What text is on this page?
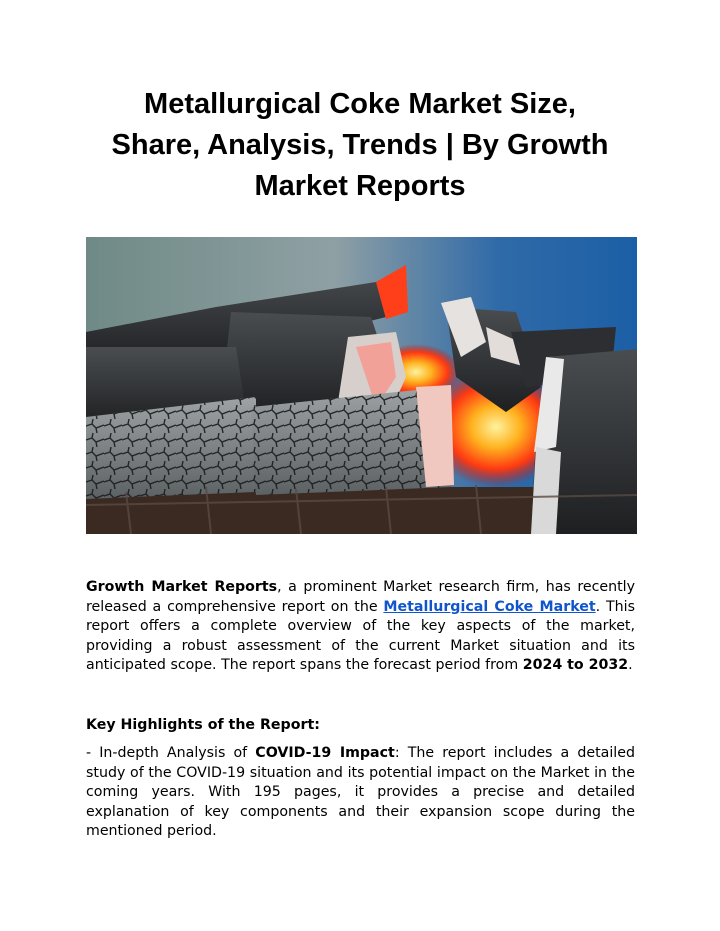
Metallurgical Coke Market Size,
Share, Analysis, Trends | By Growth
Market Reports
Growth Market Reports, a prominent Market research firm, has recently released a comprehensive report on the Metallurgical Coke Market. This report offers a complete overview of the key aspects of the market, providing a robust assessment of the current Market situation and its anticipated scope. The report spans the forecast period from 2024 to 2032.
Key Highlights of the Report:
- In-depth Analysis of COVID-19 Impact: The report includes a detailed study of the COVID-19 situation and its potential impact on the Market in the coming years. With 195 pages, it provides a precise and detailed explanation of key components and their expansion scope during the mentioned period.
